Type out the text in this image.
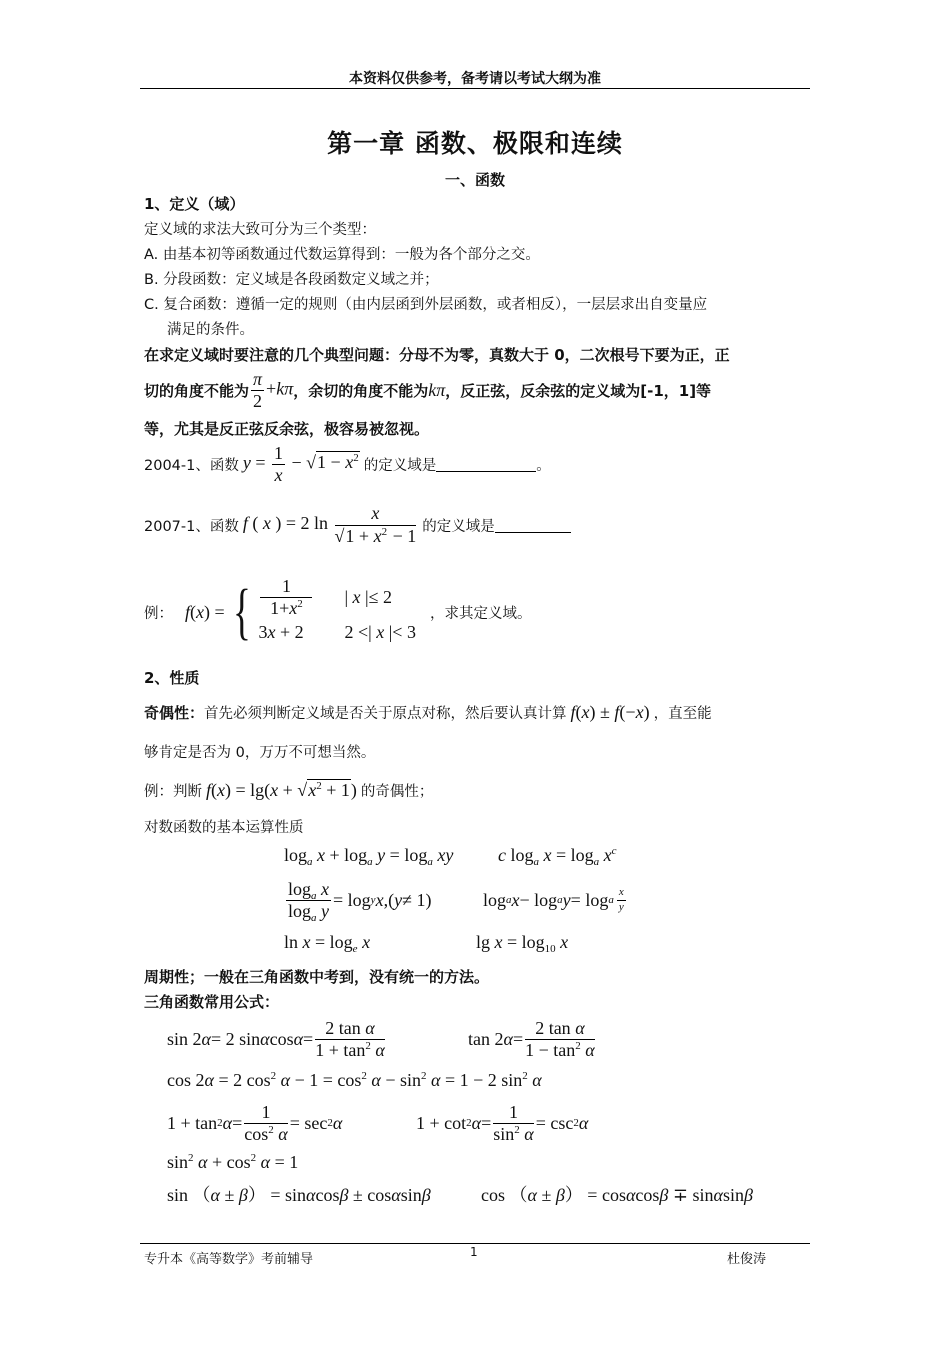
本资料仅供参考，备考请以考试大纲为准
第一章 函数、极限和连续
一、函数
1、定义（域）
定义域的求法大致可分为三个类型：
A. 由基本初等函数通过代数运算得到：一般为各个部分之交。
B. 分段函数：定义域是各段函数定义域之并；
C. 复合函数：遵循一定的规则（由内层函到外层函数，或者相反），一层层求出自变量应
满足的条件。
在求定义域时要注意的几个典型问题：分母不为零，真数大于 0，二次根号下要为正，正
切的角度不能为 $\frac{\pi}{2} +k\pi$ ，余切的角度不能为 kπ ，反正弦，反余弦的定义域为[-1，1]等
等，尤其是反正弦反余弦，极容易被忽视。
2004-1、函数 $y = \frac{1}{x} - √1 - x^2$ 的定义域是	。
2007-1、函数 f ( x ) = 2 $\ln \frac{x}{√1 + x^2 - 1}$ 的定义域是
例： f(x) = { $\frac{1}{1+x^2}$ | x |≤ 2
3x + 2	2 <| x |< 3
，求其定义域。
2、性质
奇偶性： 首先必须判断定义域是否关于原点对称，然后要认真计算 f(x) ± f(−x) ，直至能
够肯定是否为 0，万万不可想当然。
例：判断 $f(x) = \lg(x + √x^2 + 1)$ 的奇偶性；
对数函数的基本运算性质
$\log_a x + \log_a y = \log_a$ xy c $\log_a x = \log_a x^c$
$\frac{\log_a x}{\log_a y} = \log y$ x ,( y ≠ 1)	log a x − log a y = log a $\frac{x}{y}$
$\ln x = \log_e x$	$\lg x = \log_{10} x$
周期性；一般在三角函数中考到，没有统一的方法。
三角函数常用公式：
sin 2 α = 2 sin α $\cos \alpha = \frac{\text{2 tan α}}{1 + \tan^2 \alpha}$	tan 2 $\alpha = \frac{\text{2 tan α}}{1 - \tan^2 \alpha}$
cos 2α = 2 $\cos^2 \alpha - 1 = \cos^2 \alpha - \sin^2 \alpha = 1 - 2$ $\sin^2 \alpha$
1 + tan 2 $\alpha = \frac{1}{\cos^2 \alpha} = \sec 2$ α	1 + cot 2 $\alpha = \frac{1}{\sin^2 \alpha} = \csc 2$ α
$\sin^2 \alpha + \cos^2 \alpha = 1$
sin （α ± β） = sinαcosβ ± cosαsinβ	cos （α ± β） = cosαcosβ ∓ sinαsinβ
专升本《高等数学》考前辅导	1	杜俊涛
